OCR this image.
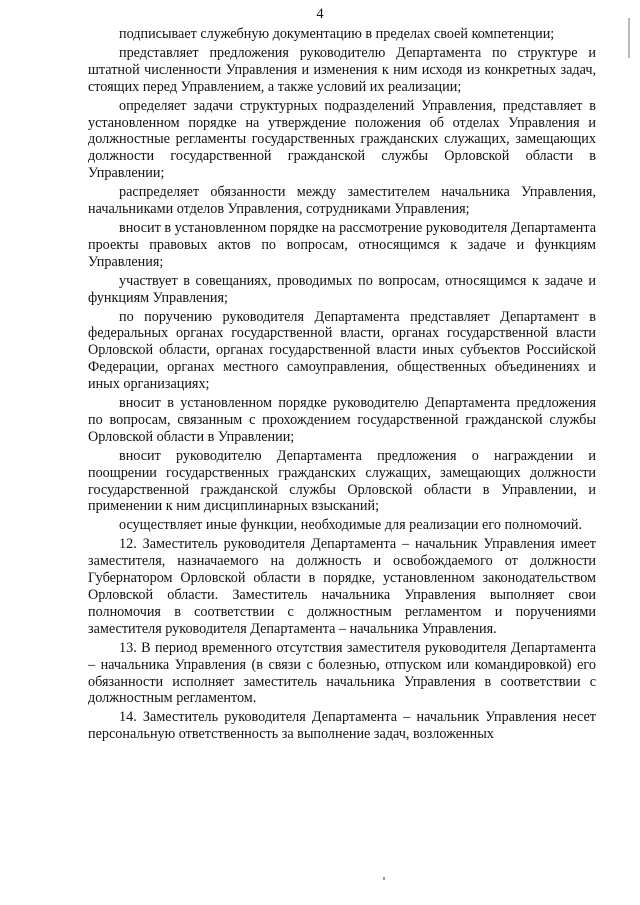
4

подписывает служебную документацию в пределах своей компетенции;

представляет предложения руководителю Департамента по структуре и штатной численности Управления и изменения к ним исходя из конкретных задач, стоящих перед Управлением, а также условий их реализации;

определяет задачи структурных подразделений Управления, представляет в установленном порядке на утверждение положения об отделах Управления и должностные регламенты государственных гражданских служащих, замещающих должности государственной гражданской службы Орловской области в Управлении;

распределяет обязанности между заместителем начальника Управления, начальниками отделов Управления, сотрудниками Управления;

вносит в установленном порядке на рассмотрение руководителя Департамента проекты правовых актов по вопросам, относящимся к задаче и функциям Управления;

участвует в совещаниях, проводимых по вопросам, относящимся к задаче и функциям Управления;

по поручению руководителя Департамента представляет Департамент в федеральных органах государственной власти, органах государственной власти Орловской области, органах государственной власти иных субъектов Российской Федерации, органах местного самоуправления, общественных объединениях и иных организациях;

вносит в установленном порядке руководителю Департамента предложения по вопросам, связанным с прохождением государственной гражданской службы Орловской области в Управлении;

вносит руководителю Департамента предложения о награждении и поощрении государственных гражданских служащих, замещающих должности государственной гражданской службы Орловской области в Управлении, и применении к ним дисциплинарных взысканий;

осуществляет иные функции, необходимые для реализации его полномочий.

12. Заместитель руководителя Департамента – начальник Управления имеет заместителя, назначаемого на должность и освобождаемого от должности Губернатором Орловской области в порядке, установленном законодательством Орловской области. Заместитель начальника Управления выполняет свои полномочия в соответствии с должностным регламентом и поручениями заместителя руководителя Департамента – начальника Управления.

13. В период временного отсутствия заместителя руководителя Департамента – начальника Управления (в связи с болезнью, отпуском или командировкой) его обязанности исполняет заместитель начальника Управления в соответствии с должностным регламентом.

14. Заместитель руководителя Департамента – начальник Управления несет персональную ответственность за выполнение задач, возложенных
